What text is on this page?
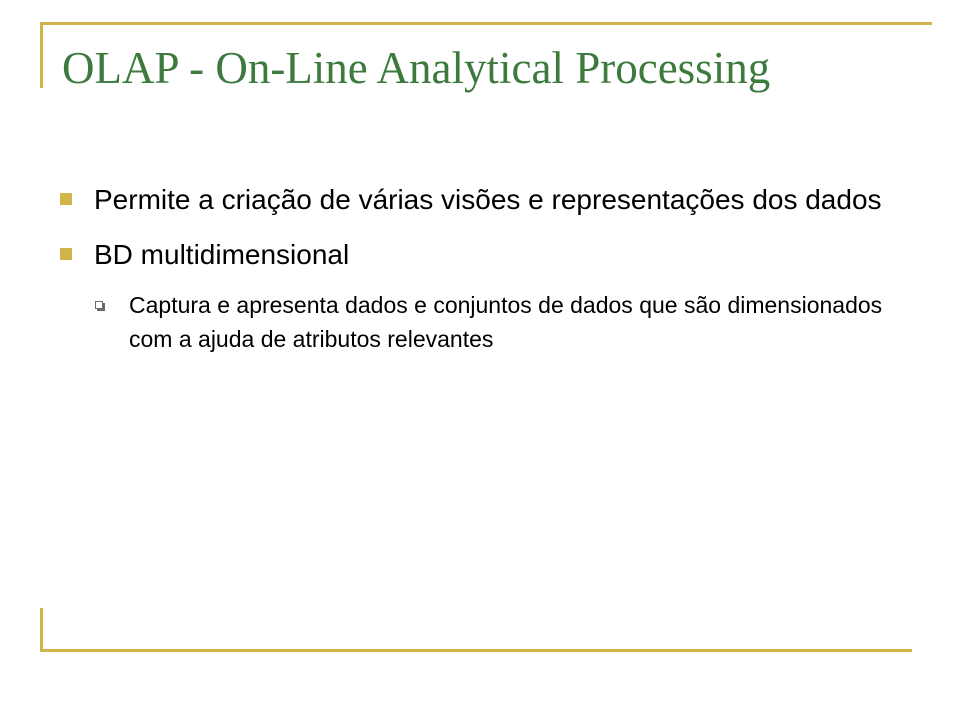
OLAP - On-Line Analytical Processing
Permite a criação de várias visões e representações dos dados
BD multidimensional
Captura e apresenta dados e conjuntos de dados que são dimensionados com a ajuda de atributos relevantes
